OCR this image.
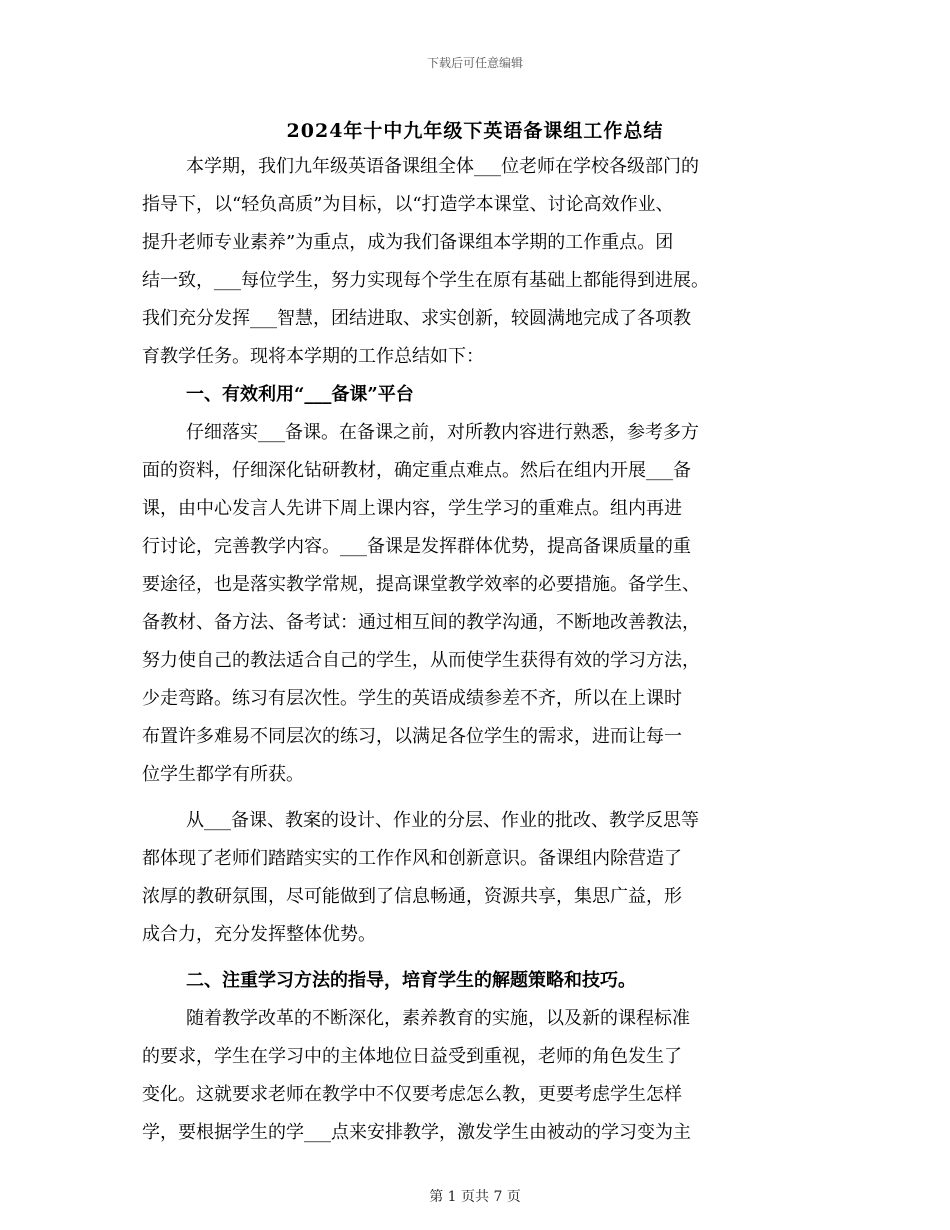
下载后可任意编辑
2024年十中九年级下英语备课组工作总结
本学期，我们九年级英语备课组全体___位老师在学校各级部门的
指导下，以“轻负高质”为目标，以“打造学本课堂、讨论高效作业、
提升老师专业素养”为重点，成为我们备课组本学期的工作重点。团
结一致，___每位学生，努力实现每个学生在原有基础上都能得到进展。
我们充分发挥___智慧，团结进取、求实创新，较圆满地完成了各项教
育教学任务。现将本学期的工作总结如下：
一、有效利用“___备课”平台
仔细落实___备课。在备课之前，对所教内容进行熟悉，参考多方
面的资料，仔细深化钻研教材，确定重点难点。然后在组内开展___备
课，由中心发言人先讲下周上课内容，学生学习的重难点。组内再进
行讨论，完善教学内容。___备课是发挥群体优势，提高备课质量的重
要途径，也是落实教学常规，提高课堂教学效率的必要措施。备学生、
备教材、备方法、备考试：通过相互间的教学沟通，不断地改善教法，
努力使自己的教法适合自己的学生，从而使学生获得有效的学习方法，
少走弯路。练习有层次性。学生的英语成绩参差不齐，所以在上课时
布置许多难易不同层次的练习，以满足各位学生的需求，进而让每一
位学生都学有所获。
从___备课、教案的设计、作业的分层、作业的批改、教学反思等
都体现了老师们踏踏实实的工作作风和创新意识。备课组内除营造了
浓厚的教研氛围，尽可能做到了信息畅通，资源共享，集思广益，形
成合力，充分发挥整体优势。
二、注重学习方法的指导，培育学生的解题策略和技巧。
随着教学改革的不断深化，素养教育的实施，以及新的课程标准
的要求，学生在学习中的主体地位日益受到重视，老师的角色发生了
变化。这就要求老师在教学中不仅要考虑怎么教，更要考虑学生怎样
学，要根据学生的学___点来安排教学，激发学生由被动的学习变为主
第 1 页共 7 页
